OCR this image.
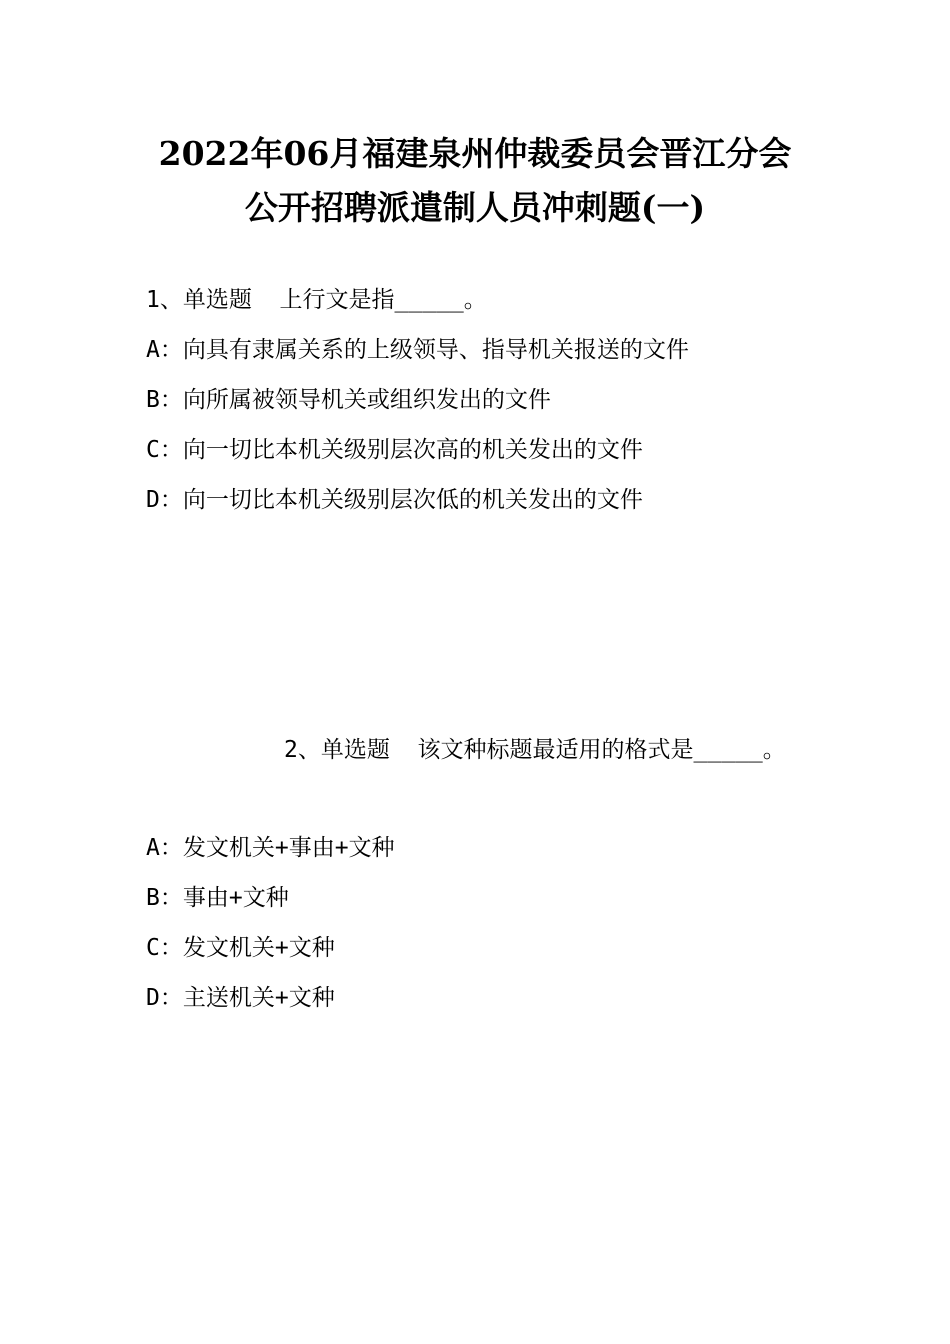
2022年06月福建泉州仲裁委员会晋江分会
公开招聘派遣制人员冲刺题(一)
1、单选题  上行文是指_____。
A：向具有隶属关系的上级领导、指导机关报送的文件
B：向所属被领导机关或组织发出的文件
C：向一切比本机关级别层次高的机关发出的文件
D：向一切比本机关级别层次低的机关发出的文件
2、单选题  该文种标题最适用的格式是_____。
A：发文机关+事由+文种
B：事由+文种
C：发文机关+文种
D：主送机关+文种
